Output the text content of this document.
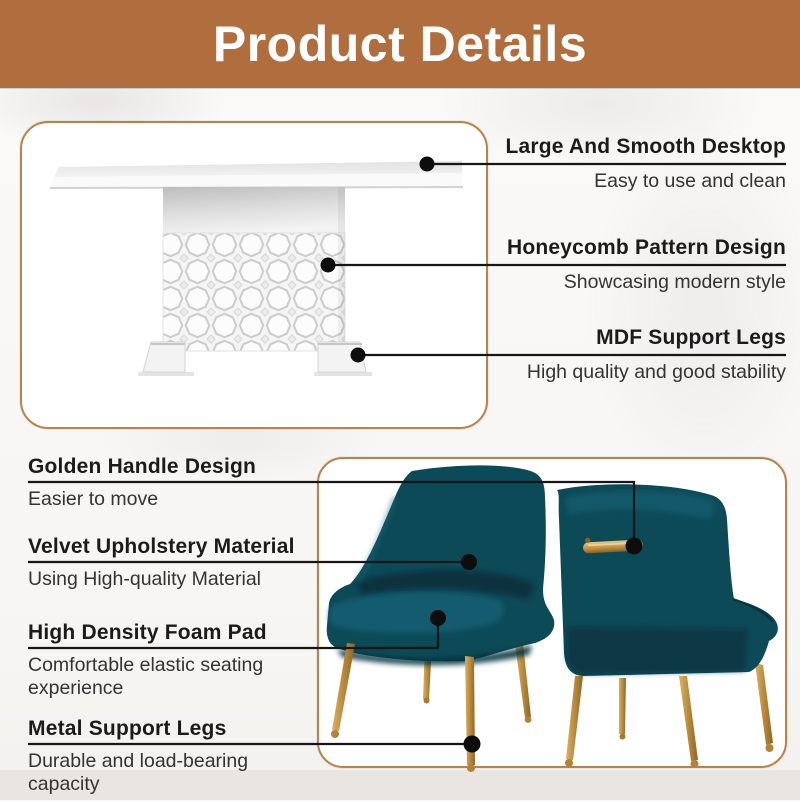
Product Details
Large And Smooth Desktop
Easy to use and clean
Honeycomb Pattern Design
Showcasing modern style
MDF Support Legs
High quality and good stability
Golden Handle Design
Easier to move
Velvet Upholstery Material
Using High-quality Material
High Density Foam Pad
Comfortable elastic seating experience
Metal Support Legs
Durable and load-bearing capacity
